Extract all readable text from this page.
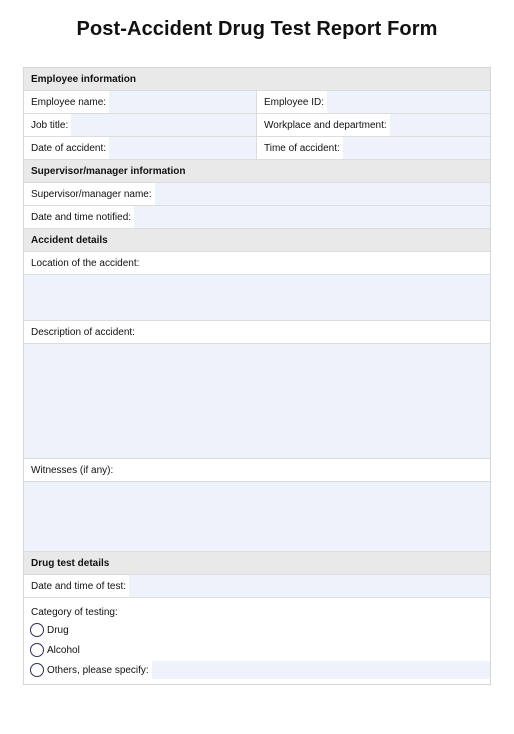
Post-Accident Drug Test Report Form
Employee information
Employee name:	Employee ID:
Job title:	Workplace and department:
Date of accident:	Time of accident:
Supervisor/manager information
Supervisor/manager name:
Date and time notified:
Accident details
Location of the accident:
Description of accident:
Witnesses (if any):
Drug test details
Date and time of test:
Category of testing:
Drug
Alcohol
Others, please specify:
